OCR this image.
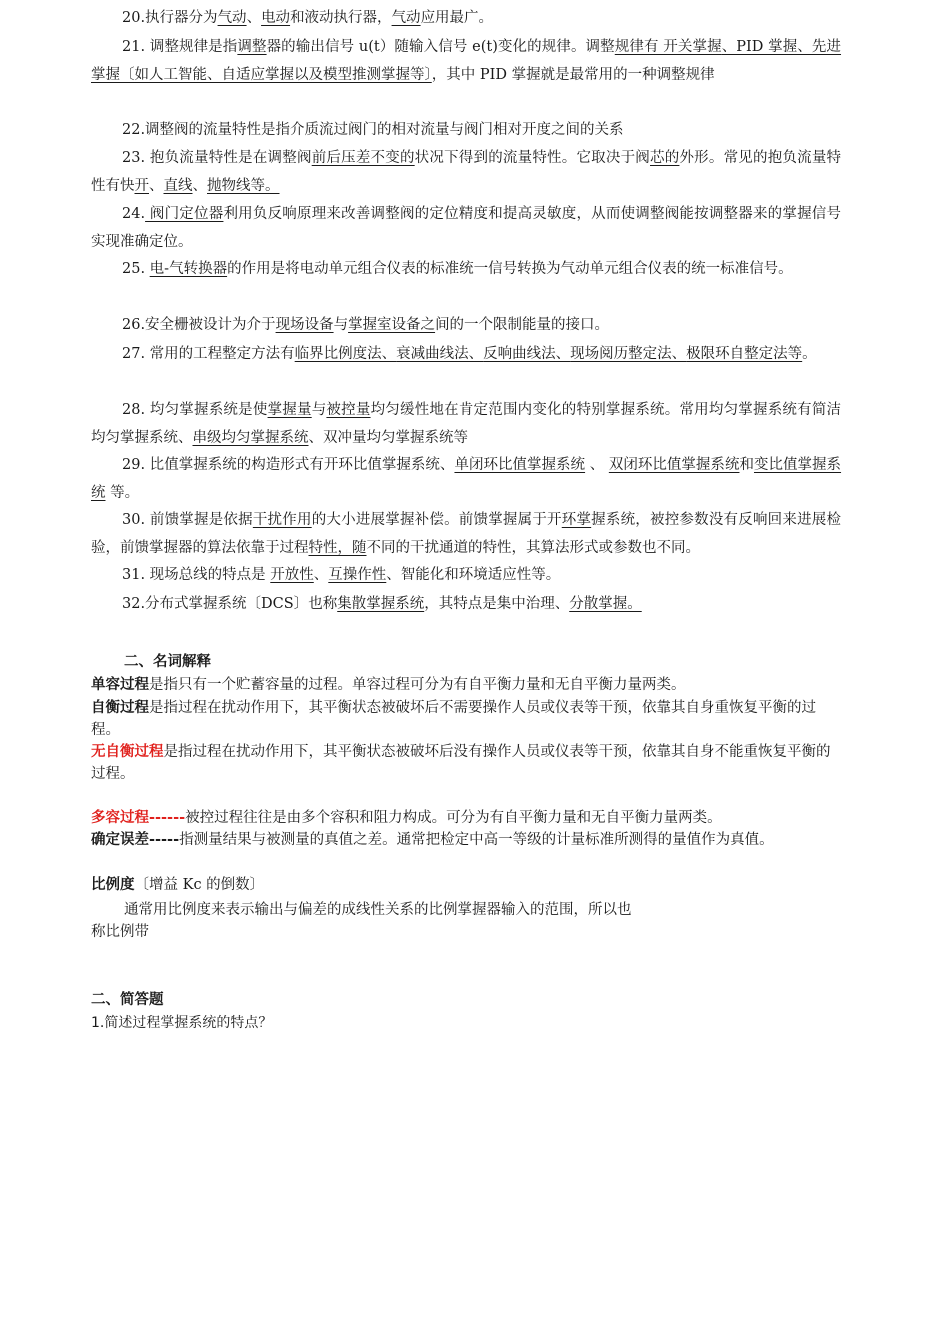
20.执行器分为气动、电动和液动执行器，气动应用最广。
21. 调整规律是指调整器的输出信号 u(t）随输入信号 e(t)变化的规律。调整规律有 开关掌握、PID 掌握、先进掌握〔如人工智能、自适应掌握以及模型推测掌握等〕，其中 PID 掌握就是最常用的一种调整规律
22.调整阀的流量特性是指介质流过阀门的相对流量与阀门相对开度之间的关系
23. 抱负流量特性是在调整阀前后压差不变的状况下得到的流量特性。它取决于阀芯的外形。常见的抱负流量特性有快开、直线、抛物线等。
24. 阀门定位器利用负反响原理来改善调整阀的定位精度和提高灵敏度，从而使调整阀能按调整器来的掌握信号实现准确定位。
25. 电-气转换器的作用是将电动单元组合仪表的标准统一信号转换为气动单元组合仪表的统一标准信号。
26.安全栅被设计为介于现场设备与掌握室设备之间的一个限制能量的接口。
27. 常用的工程整定方法有临界比例度法、衰减曲线法、反响曲线法、现场阅历整定法、极限环自整定法等。
28. 均匀掌握系统是使掌握量与被控量均匀缓性地在肯定范围内变化的特别掌握系统。常用均匀掌握系统有简洁均匀掌握系统、串级均匀掌握系统、双冲量均匀掌握系统等
29. 比值掌握系统的构造形式有开环比值掌握系统、单闭环比值掌握系统 、 双闭环比值掌握系统和变比值掌握系统 等。
30. 前馈掌握是依据干扰作用的大小进展掌握补偿。前馈掌握属于开环掌握系统，被控参数没有反响回来进展检验，前馈掌握器的算法依靠于过程特性，随不同的干扰通道的特性，其算法形式或参数也不同。
31. 现场总线的特点是 开放性、互操作性、智能化和环境适应性等。
32.分布式掌握系统〔DCS〕也称集散掌握系统，其特点是集中治理、分散掌握。
二、名词解释
单容过程是指只有一个贮蓄容量的过程。单容过程可分为有自平衡力量和无自平衡力量两类。
自衡过程是指过程在扰动作用下，其平衡状态被破坏后不需要操作人员或仪表等干预，依靠其自身重恢复平衡的过程。
无自衡过程是指过程在扰动作用下，其平衡状态被破坏后没有操作人员或仪表等干预，依靠其自身不能重恢复平衡的过程。
多容过程------被控过程往往是由多个容积和阻力构成。可分为有自平衡力量和无自平衡力量两类。
确定误差-----指测量结果与被测量的真值之差。通常把检定中高一等级的计量标准所测得的量值作为真值。
比例度〔增益 Kc 的倒数〕
通常用比例度来表示输出与偏差的成线性关系的比例掌握器输入的范围，所以也
称比例带
二、简答题
1.简述过程掌握系统的特点？
